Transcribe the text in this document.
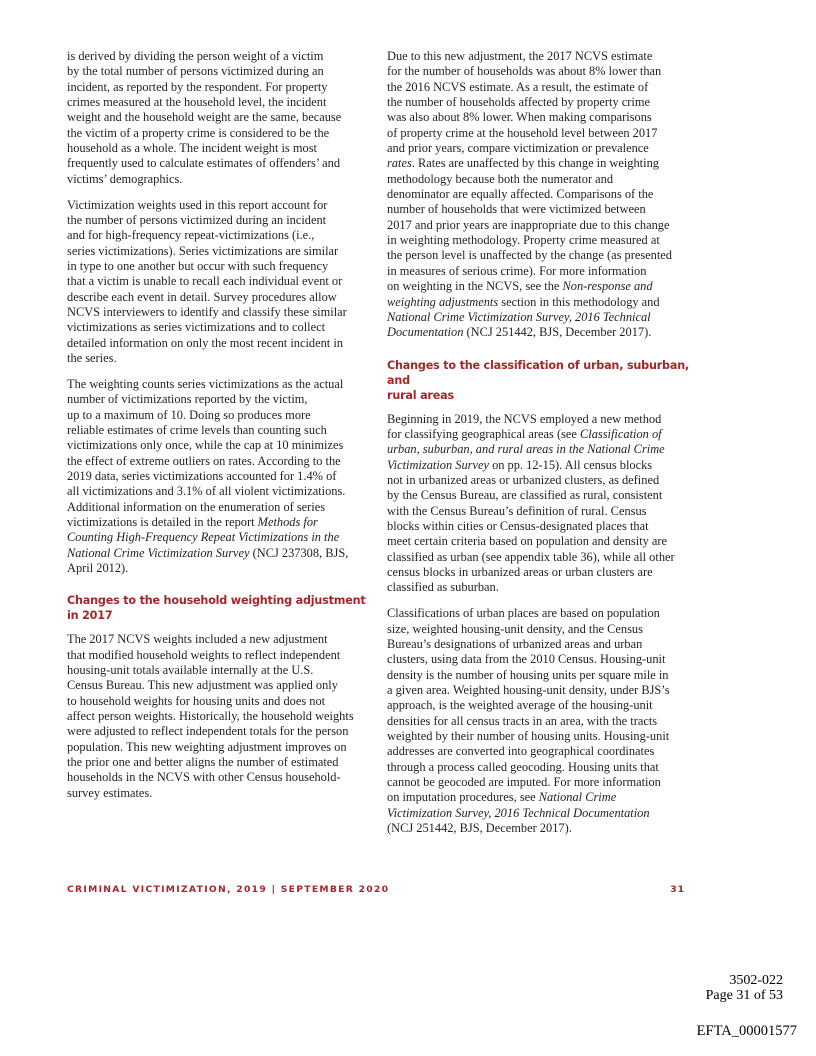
is derived by dividing the person weight of a victim
by the total number of persons victimized during an
incident, as reported by the respondent. For property
crimes measured at the household level, the incident
weight and the household weight are the same, because
the victim of a property crime is considered to be the
household as a whole. The incident weight is most
frequently used to calculate estimates of offenders’ and
victims’ demographics.

Victimization weights used in this report account for
the number of persons victimized during an incident
and for high-frequency repeat-victimizations (i.e.,
series victimizations). Series victimizations are similar
in type to one another but occur with such frequency
that a victim is unable to recall each individual event or
describe each event in detail. Survey procedures allow
NCVS interviewers to identify and classify these similar
victimizations as series victimizations and to collect
detailed information on only the most recent incident in
the series.

The weighting counts series victimizations as the actual
number of victimizations reported by the victim,
up to a maximum of 10. Doing so produces more
reliable estimates of crime levels than counting such
victimizations only once, while the cap at 10 minimizes
the effect of extreme outliers on rates. According to the
2019 data, series victimizations accounted for 1.4% of
all victimizations and 3.1% of all violent victimizations.
Additional information on the enumeration of series
victimizations is detailed in the report Methods for
Counting High-Frequency Repeat Victimizations in the
National Crime Victimization Survey (NCJ 237308, BJS,
April 2012).

Changes to the household weighting adjustment
in 2017

The 2017 NCVS weights included a new adjustment
that modified household weights to reflect independent
housing-unit totals available internally at the U.S.
Census Bureau. This new adjustment was applied only
to household weights for housing units and does not
affect person weights. Historically, the household weights
were adjusted to reflect independent totals for the person
population. This new weighting adjustment improves on
the prior one and better aligns the number of estimated
households in the NCVS with other Census household-
survey estimates.

Due to this new adjustment, the 2017 NCVS estimate
for the number of households was about 8% lower than
the 2016 NCVS estimate. As a result, the estimate of
the number of households affected by property crime
was also about 8% lower. When making comparisons
of property crime at the household level between 2017
and prior years, compare victimization or prevalence
rates. Rates are unaffected by this change in weighting
methodology because both the numerator and
denominator are equally affected. Comparisons of the
number of households that were victimized between
2017 and prior years are inappropriate due to this change
in weighting methodology. Property crime measured at
the person level is unaffected by the change (as presented
in measures of serious crime). For more information
on weighting in the NCVS, see the Non-response and
weighting adjustments section in this methodology and
National Crime Victimization Survey, 2016 Technical
Documentation (NCJ 251442, BJS, December 2017).

Changes to the classification of urban, suburban, and
rural areas

Beginning in 2019, the NCVS employed a new method
for classifying geographical areas (see Classification of
urban, suburban, and rural areas in the National Crime
Victimization Survey on pp. 12-15). All census blocks
not in urbanized areas or urbanized clusters, as defined
by the Census Bureau, are classified as rural, consistent
with the Census Bureau’s definition of rural. Census
blocks within cities or Census-designated places that
meet certain criteria based on population and density are
classified as urban (see appendix table 36), while all other
census blocks in urbanized areas or urban clusters are
classified as suburban.

Classifications of urban places are based on population
size, weighted housing-unit density, and the Census
Bureau’s designations of urbanized areas and urban
clusters, using data from the 2010 Census. Housing-unit
density is the number of housing units per square mile in
a given area. Weighted housing-unit density, under BJS’s
approach, is the weighted average of the housing-unit
densities for all census tracts in an area, with the tracts
weighted by their number of housing units. Housing-unit
addresses are converted into geographical coordinates
through a process called geocoding. Housing units that
cannot be geocoded are imputed. For more information
on imputation procedures, see National Crime
Victimization Survey, 2016 Technical Documentation
(NCJ 251442, BJS, December 2017).

CRIMINAL VICTIMIZATION, 2019 | SEPTEMBER 2020	31
3502-022
Page 31 of 53
EFTA_00001577
